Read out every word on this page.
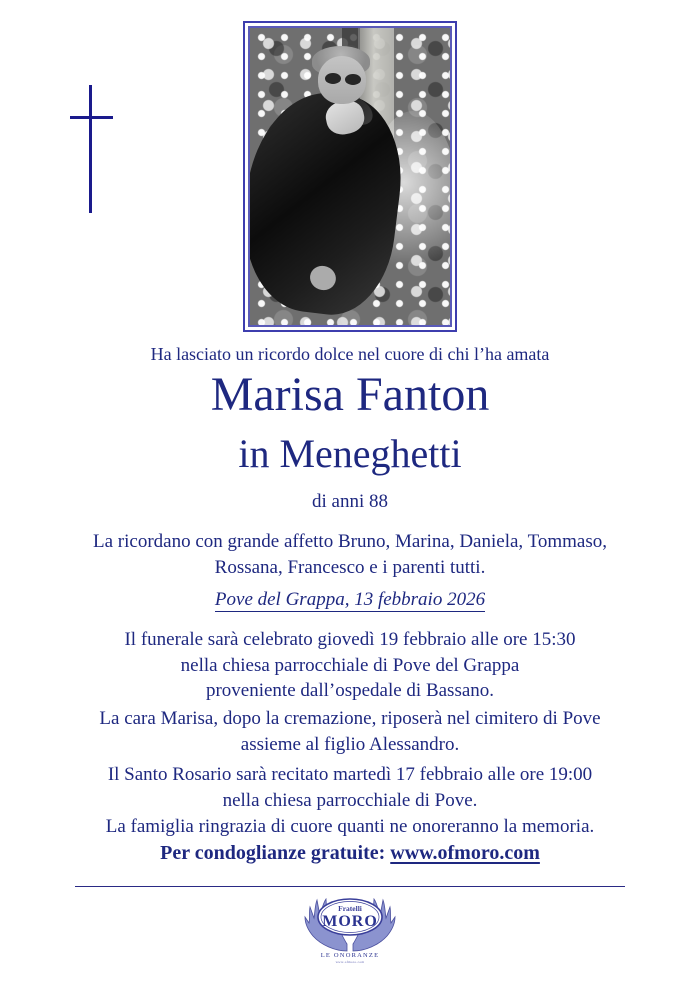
Ha lasciato un ricordo dolce nel cuore di chi l’ha amata
Marisa Fanton
in Meneghetti
di anni 88
La ricordano con grande affetto Bruno, Marina, Daniela, Tommaso,
Rossana, Francesco e i parenti tutti.
Pove del Grappa, 13 febbraio 2026
Il funerale sarà celebrato giovedì 19 febbraio alle ore 15:30
nella chiesa parrocchiale di Pove del Grappa
proveniente dall’ospedale di Bassano.
La cara Marisa, dopo la cremazione, riposerà nel cimitero di Pove
assieme al figlio Alessandro.
Il Santo Rosario sarà recitato martedì 17 febbraio alle ore 19:00
nella chiesa parrocchiale di Pove.
La famiglia ringrazia di cuore quanti ne onoreranno la memoria.
Per condoglianze gratuite: www.ofmoro.com
Fratelli
MORO
LE ONORANZE
www.ofmoro.com
